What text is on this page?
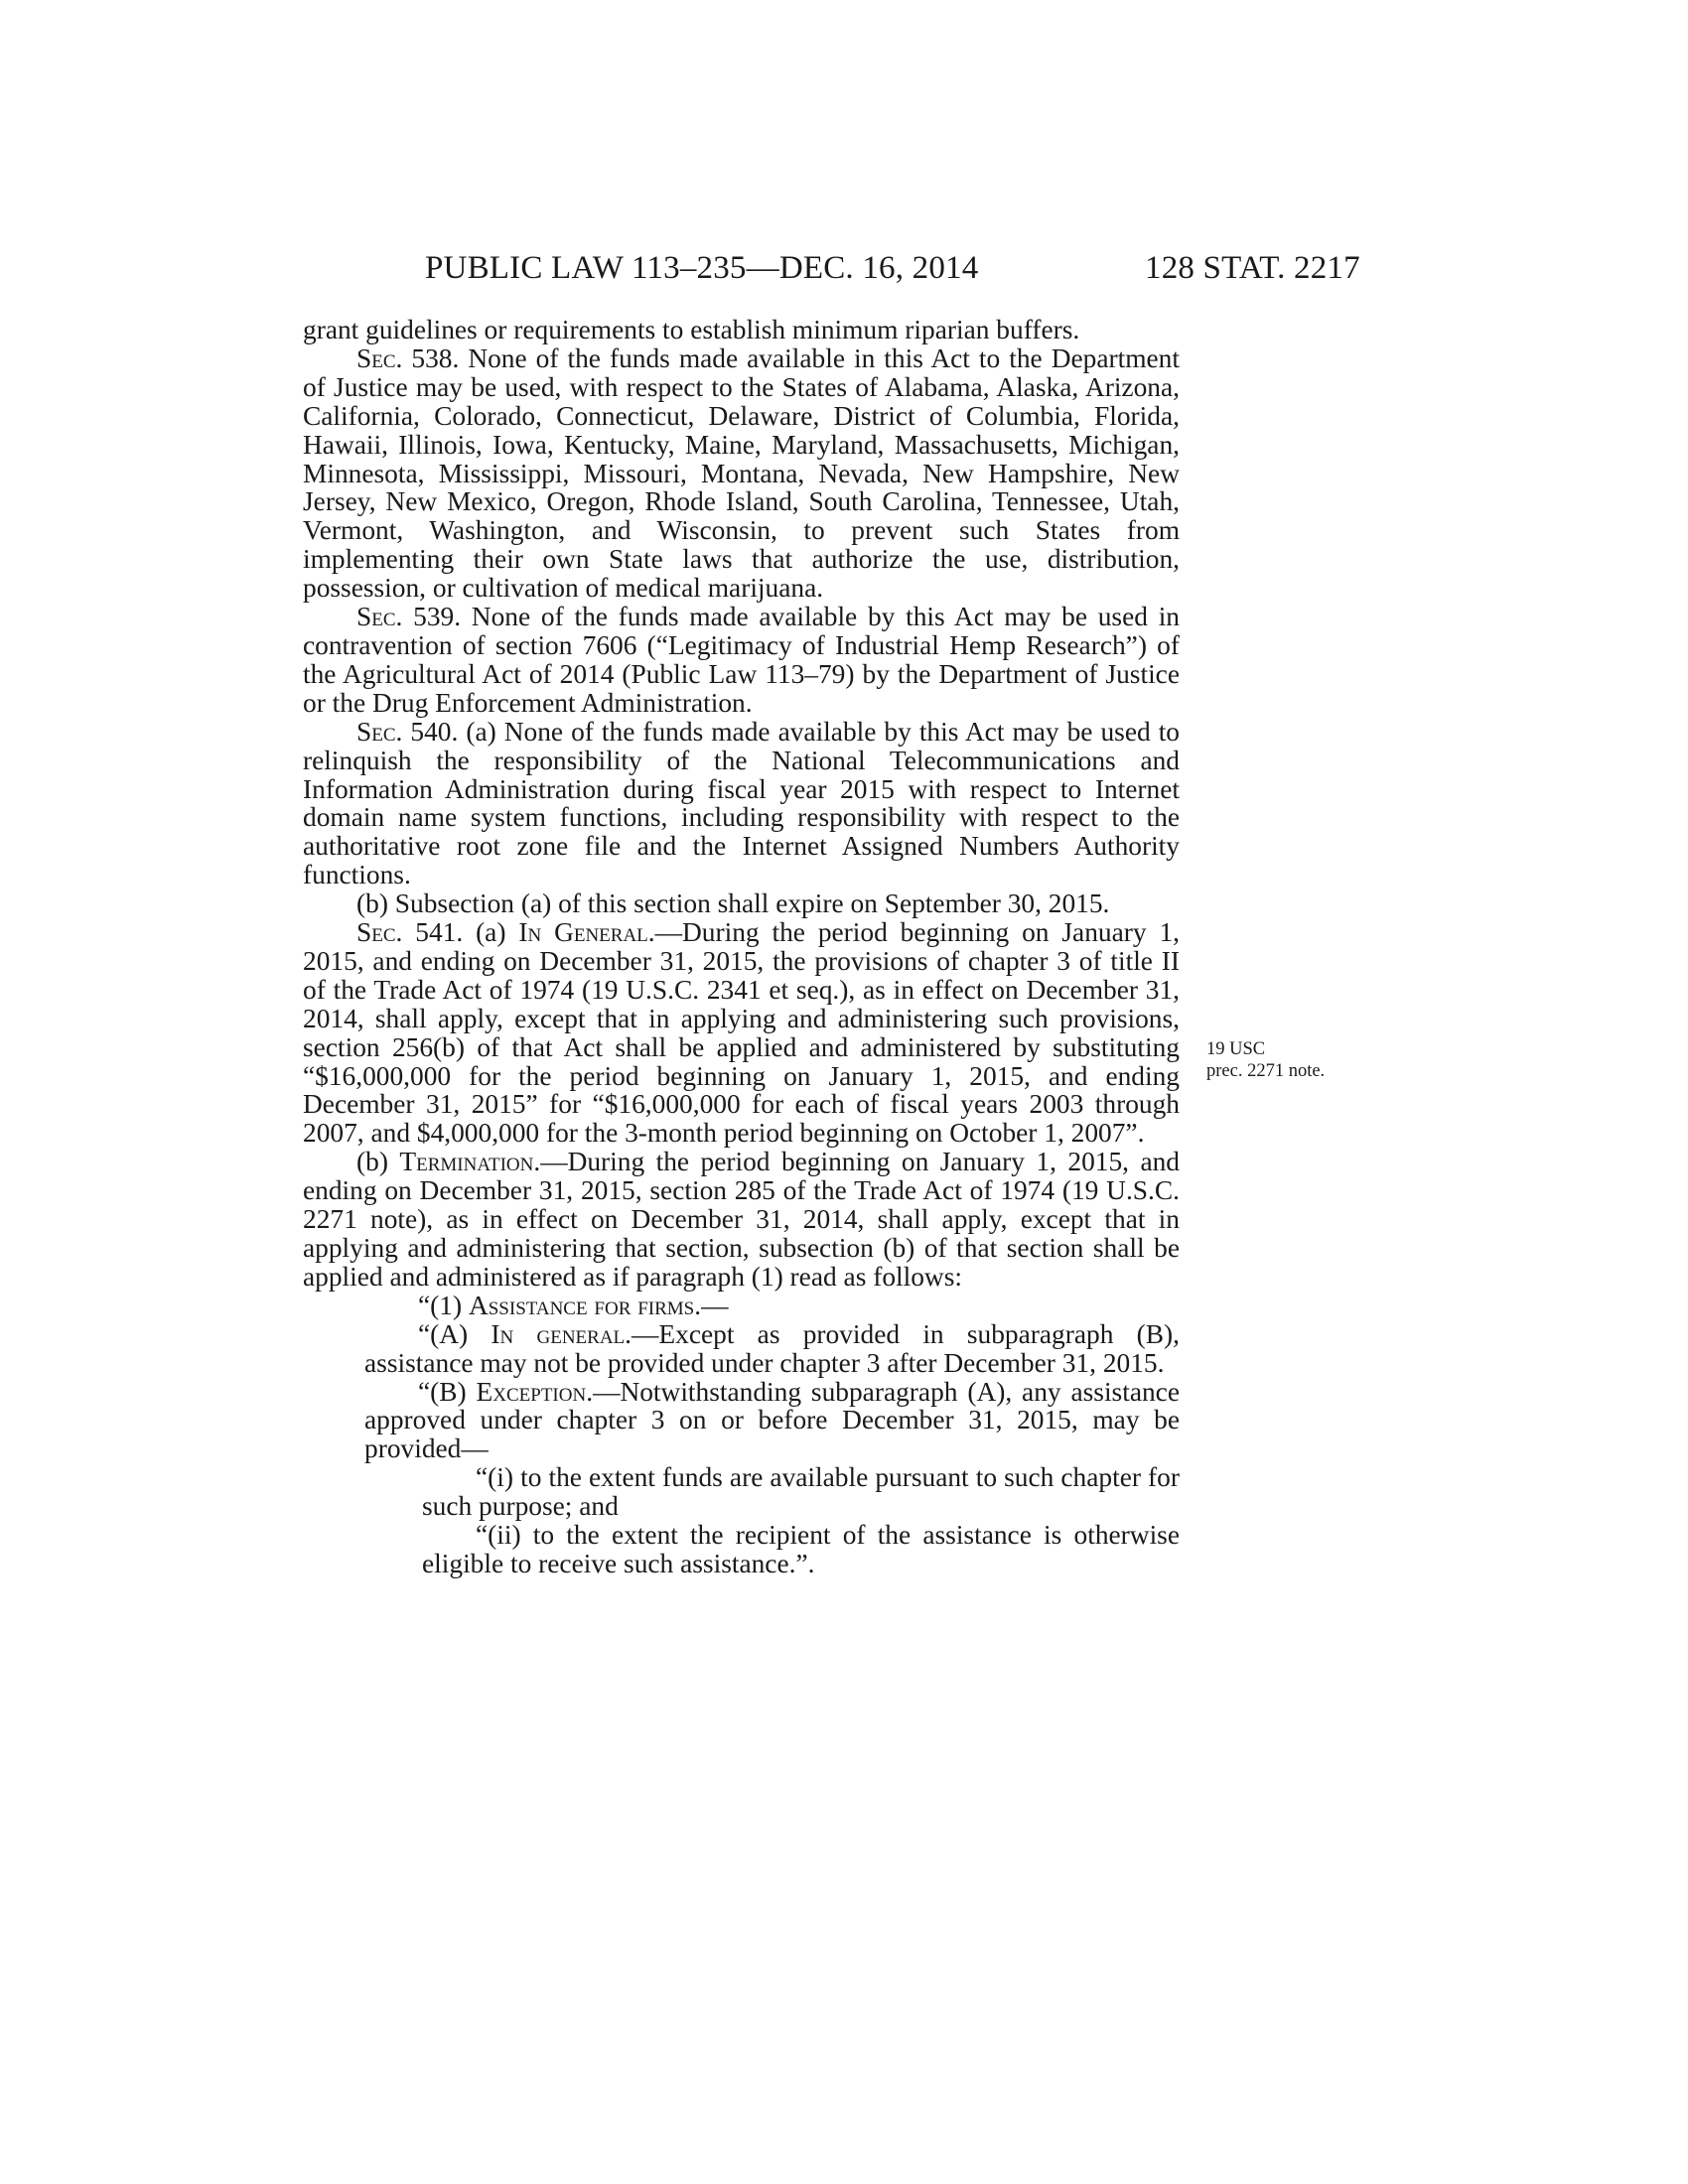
PUBLIC LAW 113–235—DEC. 16, 2014	128 STAT. 2217
19 USC
prec. 2271 note.

grant guidelines or requirements to establish minimum riparian buffers.

Sec. 538. None of the funds made available in this Act to the Department of Justice may be used, with respect to the States of Alabama, Alaska, Arizona, California, Colorado, Connecticut, Delaware, District of Columbia, Florida, Hawaii, Illinois, Iowa, Kentucky, Maine, Maryland, Massachusetts, Michigan, Minnesota, Mississippi, Missouri, Montana, Nevada, New Hampshire, New Jersey, New Mexico, Oregon, Rhode Island, South Carolina, Tennessee, Utah, Vermont, Washington, and Wisconsin, to prevent such States from implementing their own State laws that authorize the use, distribution, possession, or cultivation of medical marijuana.

Sec. 539. None of the funds made available by this Act may be used in contravention of section 7606 (“Legitimacy of Industrial Hemp Research”) of the Agricultural Act of 2014 (Public Law 113–79) by the Department of Justice or the Drug Enforcement Administration.

Sec. 540. (a) None of the funds made available by this Act may be used to relinquish the responsibility of the National Telecommunications and Information Administration during fiscal year 2015 with respect to Internet domain name system functions, including responsibility with respect to the authoritative root zone file and the Internet Assigned Numbers Authority functions.

(b) Subsection (a) of this section shall expire on September 30, 2015.

Sec. 541. (a) In General.—During the period beginning on January 1, 2015, and ending on December 31, 2015, the provisions of chapter 3 of title II of the Trade Act of 1974 (19 U.S.C. 2341 et seq.), as in effect on December 31, 2014, shall apply, except that in applying and administering such provisions, section 256(b) of that Act shall be applied and administered by substituting “$16,000,000 for the period beginning on January 1, 2015, and ending December 31, 2015” for “$16,000,000 for each of fiscal years 2003 through 2007, and $4,000,000 for the 3-month period beginning on October 1, 2007”.

(b) Termination.—During the period beginning on January 1, 2015, and ending on December 31, 2015, section 285 of the Trade Act of 1974 (19 U.S.C. 2271 note), as in effect on December 31, 2014, shall apply, except that in applying and administering that section, subsection (b) of that section shall be applied and administered as if paragraph (1) read as follows:

“(1) Assistance for firms.—

“(A) In general.—Except as provided in subparagraph (B), assistance may not be provided under chapter 3 after December 31, 2015.

“(B) Exception.—Notwithstanding subparagraph (A), any assistance approved under chapter 3 on or before December 31, 2015, may be provided—

“(i) to the extent funds are available pursuant to such chapter for such purpose; and

“(ii) to the extent the recipient of the assistance is otherwise eligible to receive such assistance.”.
